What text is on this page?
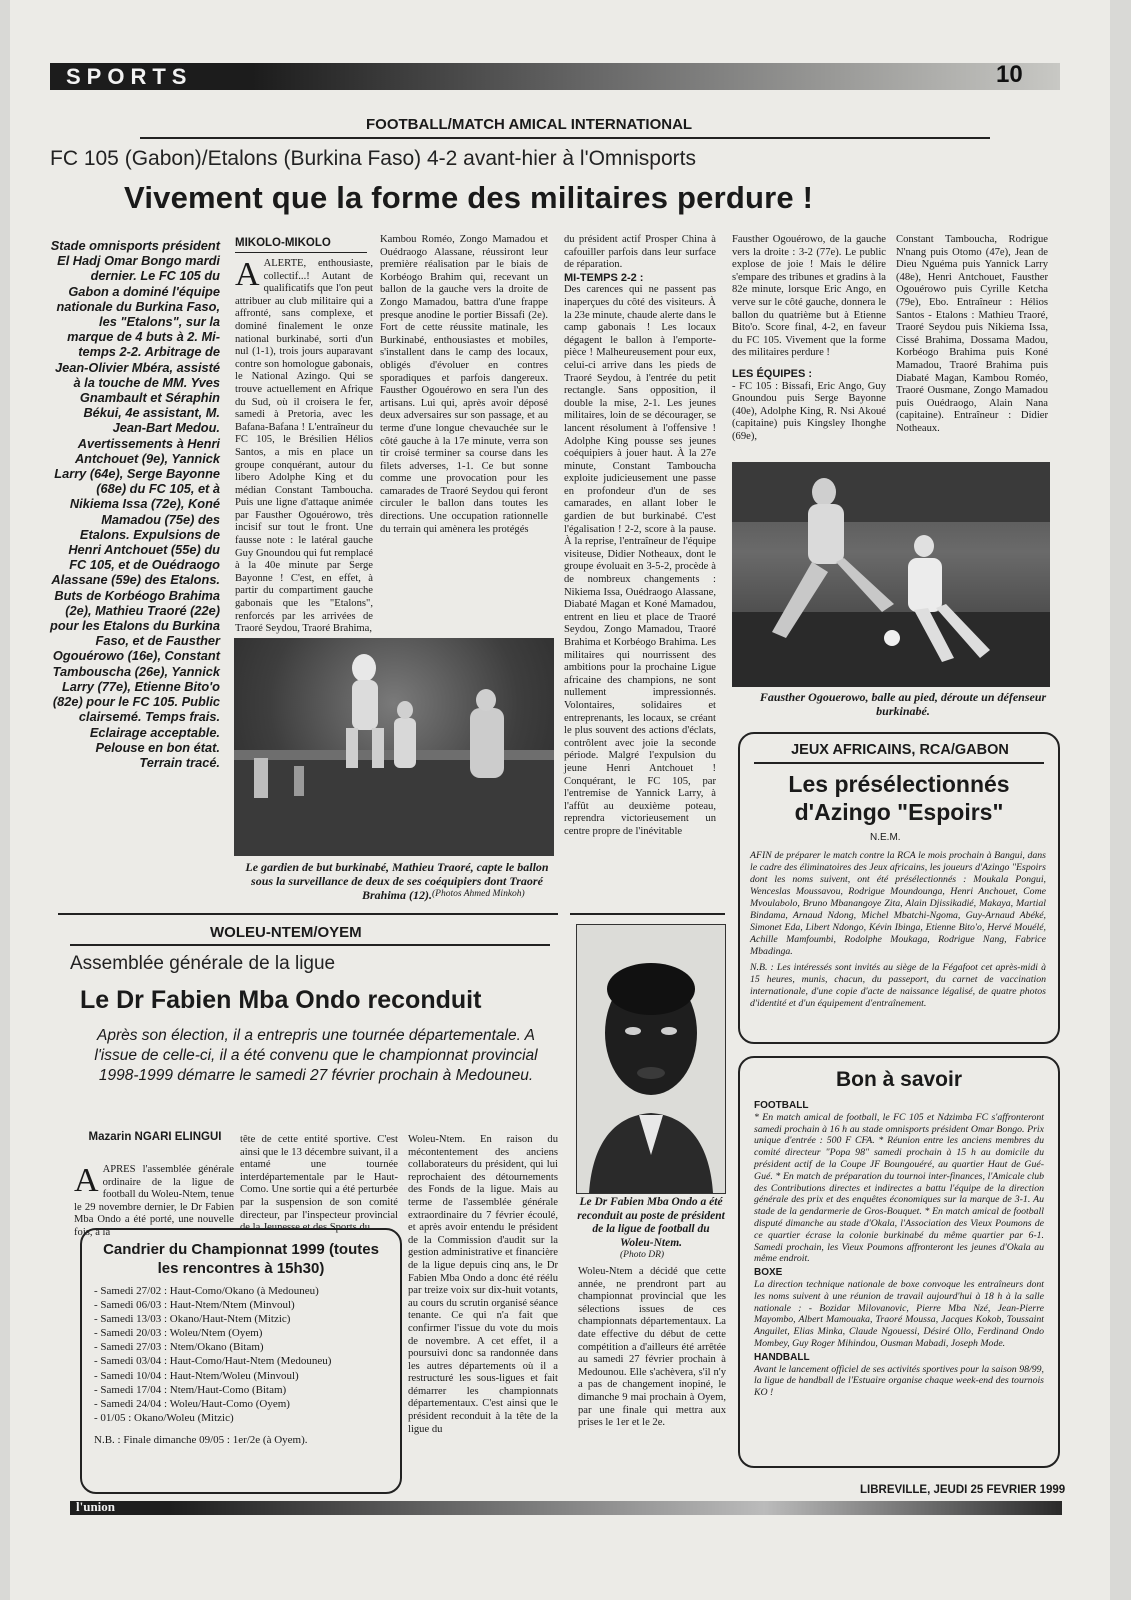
SPORTS	10
FOOTBALL/MATCH AMICAL INTERNATIONAL
FC 105 (Gabon)/Etalons (Burkina Faso) 4-2 avant-hier à l'Omnisports
Vivement que la forme des militaires perdure !
Stade omnisports président El Hadj Omar Bongo mardi dernier. Le FC 105 du Gabon a dominé l'équipe nationale du Burkina Faso, les "Etalons", sur la marque de 4 buts à 2. Mi-temps 2-2. Arbitrage de Jean-Olivier Mbéra, assisté à la touche de MM. Yves Gnambault et Séraphin Békui, 4e assistant, M. Jean-Bart Medou. Avertissements à Henri Antchouet (9e), Yannick Larry (64e), Serge Bayonne (68e) du FC 105, et à Nikiema Issa (72e), Koné Mamadou (75e) des Etalons. Expulsions de Henri Antchouet (55e) du FC 105, et de Ouédraogo Alassane (59e) des Etalons. Buts de Korbéogo Brahima (2e), Mathieu Traoré (22e) pour les Etalons du Burkina Faso, et de Fausther Ogouérowo (16e), Constant Tambouscha (26e), Yannick Larry (77e), Etienne Bito'o (82e) pour le FC 105. Public clairsemé. Temps frais. Eclairage acceptable. Pelouse en bon état. Terrain tracé.
MIKOLO-MIKOLO
AALERTE, enthousiaste, collectif...! Autant de qualificatifs que l'on peut attribuer au club militaire qui a affronté, sans complexe, et dominé finalement le onze national burkinabé, sorti d'un nul (1-1), trois jours auparavant contre son homologue gabonais, le National Azingo. Qui se trouve actuellement en Afrique du Sud, où il croisera le fer, samedi à Pretoria, avec les Bafana-Bafana ! L'entraîneur du FC 105, le Brésilien Hélios Santos, a mis en place un groupe conquérant, autour du libero Adolphe King et du médian Constant Tamboucha. Puis une ligne d'attaque animée par Fausther Ogouérowo, très incisif sur tout le front. Une fausse note : le latéral gauche Guy Gnoundou qui fut remplacé à la 40e minute par Serge Bayonne ! C'est, en effet, à partir du compartiment gauche gabonais que les "Etalons", renforcés par les arrivées de Traoré Seydou, Traoré Brahima,
Kambou Roméo, Zongo Mamadou et Ouédraogo Alassane, réussiront leur première réalisation par le biais de Korbéogo Brahim qui, recevant un ballon de la gauche vers la droite de Zongo Mamadou, battra d'une frappe presque anodine le portier Bissafi (2e). Fort de cette réussite matinale, les Burkinabé, enthousiastes et mobiles, s'installent dans le camp des locaux, obligés d'évoluer en contres sporadiques et parfois dangereux. Fausther Ogouérowo en sera l'un des artisans. Lui qui, après avoir déposé deux adversaires sur son passage, et au terme d'une longue chevauchée sur le côté gauche à la 17e minute, verra son tir croisé terminer sa course dans les filets adverses, 1-1. Ce but sonne comme une provocation pour les camarades de Traoré Seydou qui feront circuler le ballon dans toutes les directions. Une occupation rationnelle du terrain qui amènera les protégés
du président actif Prosper China à cafouiller parfois dans leur surface de réparation.
MI-TEMPS 2-2 :
Des carences qui ne passent pas inaperçues du côté des visiteurs. À la 23e minute, chaude alerte dans le camp gabonais ! Les locaux dégagent le ballon à l'emporte-pièce ! Malheureusement pour eux, celui-ci arrive dans les pieds de Traoré Seydou, à l'entrée du petit rectangle. Sans opposition, il double la mise, 2-1. Les jeunes militaires, loin de se décourager, se lancent résolument à l'offensive ! Adolphe King pousse ses jeunes coéquipiers à jouer haut. À la 27e minute, Constant Tamboucha exploite judicieusement une passe en profondeur d'un de ses camarades, en allant lober le gardien de but burkinabé. C'est l'égalisation ! 2-2, score à la pause. À la reprise, l'entraîneur de l'équipe visiteuse, Didier Notheaux, dont le groupe évoluait en 3-5-2, procède à de nombreux changements : Nikiema Issa, Ouédraogo Alassane, Diabaté Magan et Koné Mamadou, entrent en lieu et place de Traoré Seydou, Zongo Mamadou, Traoré Brahima et Korbéogo Brahima. Les militaires qui nourrissent des ambitions pour la prochaine Ligue africaine des champions, ne sont nullement impressionnés. Volontaires, solidaires et entreprenants, les locaux, se créant le plus souvent des actions d'éclats, contrôlent avec joie la seconde période. Malgré l'expulsion du jeune Henri Antchouet ! Conquérant, le FC 105, par l'entremise de Yannick Larry, à l'affût au deuxième poteau, reprendra victorieusement un centre propre de l'inévitable
Fausther Ogouérowo, de la gauche vers la droite : 3-2 (77e). Le public explose de joie ! Mais le délire s'empare des tribunes et gradins à la 82e minute, lorsque Eric Ango, en verve sur le côté gauche, donnera le ballon du quatrième but à Etienne Bito'o. Score final, 4-2, en faveur du FC 105. Vivement que la forme des militaires perdure !
LES ÉQUIPES :
- FC 105 : Bissafi, Eric Ango, Guy Gnoundou puis Serge Bayonne (40e), Adolphe King, R. Nsi Akoué (capitaine) puis Kingsley Ihonghe (69e),
Constant Tamboucha, Rodrigue N'nang puis Otomo (47e), Jean de Dieu Nguéma puis Yannick Larry (48e), Henri Antchouet, Fausther Ogouérowo puis Cyrille Ketcha (79e), Ebo. Entraîneur : Hélios Santos - Etalons : Mathieu Traoré, Traoré Seydou puis Nikiema Issa, Cissé Brahima, Dossama Madou, Korbéogo Brahima puis Koné Mamadou, Traoré Brahima puis Diabaté Magan, Kambou Roméo, Traoré Ousmane, Zongo Mamadou puis Ouédraogo, Alain Nana (capitaine). Entraîneur : Didier Notheaux.
Le gardien de but burkinabé, Mathieu Traoré, capte le ballon sous la surveillance de deux de ses coéquipiers dont Traoré Brahima (12). (Photos Ahmed Minkoh)
Fausther Ogouerowo, balle au pied, déroute un défenseur burkinabé.
JEUX AFRICAINS, RCA/GABON
Les présélectionnés d'Azingo "Espoirs"
N.E.M.
AFIN de préparer le match contre la RCA le mois prochain à Bangui, dans le cadre des éliminatoires des Jeux africains, les joueurs d'Azingo "Espoirs dont les noms suivent, ont été présélectionnés : Moukala Pongui, Wenceslas Moussavou, Rodrigue Moundounga, Henri Anchouet, Come Mvoulabolo, Bruno Mbanangoye Zita, Alain Djissikadié, Makaya, Martial Bindama, Arnaud Ndong, Michel Mbatchi-Ngoma, Guy-Arnaud Abéké, Simonet Eda, Libert Ndongo, Kévin Ibinga, Etienne Bito'o, Hervé Mouélé, Achille Mamfoumbi, Rodolphe Moukaga, Rodrigue Nang, Fabrice Mbadinga.
N.B. : Les intéressés sont invités au siège de la Fégafoot cet après-midi à 15 heures, munis, chacun, du passeport, du carnet de vaccination internationale, d'une copie d'acte de naissance légalisé, de quatre photos d'identité et d'un équipement d'entraînement.
WOLEU-NTEM/OYEM
Assemblée générale de la ligue
Le Dr Fabien Mba Ondo reconduit
Après son élection, il a entrepris une tournée départementale. A l'issue de celle-ci, il a été convenu que le championnat provincial 1998-1999 démarre le samedi 27 février prochain à Medouneu.
Mazarin NGARI ELINGUI
AAPRES l'assemblée générale ordinaire de la ligue de football du Woleu-Ntem, tenue le 29 novembre dernier, le Dr Fabien Mba Ondo a été porté, une nouvelle fois, à la
tête de cette entité sportive. C'est ainsi que le 13 décembre suivant, il a entamé une tournée interdépartementale par le Haut-Como. Une sortie qui a été perturbée par la suspension de son comité directeur, par l'inspecteur provincial de la Jeunesse et des Sports du
Woleu-Ntem. En raison du mécontentement des anciens collaborateurs du président, qui lui reprochaient des détournements des Fonds de la ligue. Mais au terme de l'assemblée générale extraordinaire du 7 février écoulé, et après avoir entendu le président de la Commission d'audit sur la gestion administrative et financière de la ligue depuis cinq ans, le Dr Fabien Mba Ondo a donc été réélu par treize voix sur dix-huit votants, au cours du scrutin organisé séance tenante. Ce qui n'a fait que confirmer l'issue du vote du mois de novembre. A cet effet, il a poursuivi donc sa randonnée dans les autres départements où il a restructuré les sous-ligues et fait démarrer les championnats départementaux. C'est ainsi que le président reconduit à la tête de la ligue du
Le Dr Fabien Mba Ondo a été reconduit au poste de président de la ligue de football du Woleu-Ntem.
(Photo DR)
Woleu-Ntem a décidé que cette année, ne prendront part au championnat provincial que les sélections issues de ces championnats départementaux. La date effective du début de cette compétition a d'ailleurs été arrêtée au samedi 27 février prochain à Medounou. Elle s'achèvera, s'il n'y a pas de changement inopiné, le dimanche 9 mai prochain à Oyem, par une finale qui mettra aux prises le 1er et le 2e.
Candrier du Championnat 1999 (toutes les rencontres à 15h30)
- Samedi 27/02 : Haut-Como/Okano (à Medouneu)
- Samedi 06/03 : Haut-Ntem/Ntem (Minvoul)
- Samedi 13/03 : Okano/Haut-Ntem (Mitzic)
- Samedi 20/03 : Woleu/Ntem (Oyem)
- Samedi 27/03 : Ntem/Okano (Bitam)
- Samedi 03/04 : Haut-Como/Haut-Ntem (Medouneu)
- Samedi 10/04 : Haut-Ntem/Woleu (Minvoul)
- Samedi 17/04 : Ntem/Haut-Como (Bitam)
- Samedi 24/04 : Woleu/Haut-Como (Oyem)
- 01/05 : Okano/Woleu (Mitzic)
N.B. : Finale dimanche 09/05 : 1er/2e (à Oyem).
Bon à savoir
FOOTBALL
* En match amical de football, le FC 105 et Ndzimba FC s'affronteront samedi prochain à 16 h au stade omnisports président Omar Bongo. Prix unique d'entrée : 500 F CFA. * Réunion entre les anciens membres du comité directeur "Popa 98" samedi prochain à 15 h au domicile du président actif de la Coupe JF Boungouéré, au quartier Haut de Gué-Gué. * En match de préparation du tournoi inter-finances, l'Amicale club des Contributions directes et indirectes a battu l'équipe de la direction générale des prix et des enquêtes économiques sur la marque de 3-1. Au stade de la gendarmerie de Gros-Bouquet. * En match amical de football disputé dimanche au stade d'Okala, l'Association des Vieux Poumons de ce quartier écrase la colonie burkinabé du même quartier par 6-1. Samedi prochain, les Vieux Poumons affronteront les jeunes d'Okala au même endroit.
BOXE
La direction technique nationale de boxe convoque les entraîneurs dont les noms suivent à une réunion de travail aujourd'hui à 18 h à la salle nationale : - Bozidar Milovanovic, Pierre Mba Nzé, Jean-Pierre Mayombo, Albert Mamouaka, Traoré Moussa, Jacques Kokob, Toussaint Anguilet, Elias Minka, Claude Ngouessi, Désiré Ollo, Ferdinand Ondo Mombey, Guy Roger Mihindou, Ousman Mabadi, Joseph Mode.
HANDBALL
Avant le lancement officiel de ses activités sportives pour la saison 98/99, la ligue de handball de l'Estuaire organise chaque week-end des tournois KO !
l'union
LIBREVILLE, JEUDI 25 FEVRIER 1999
